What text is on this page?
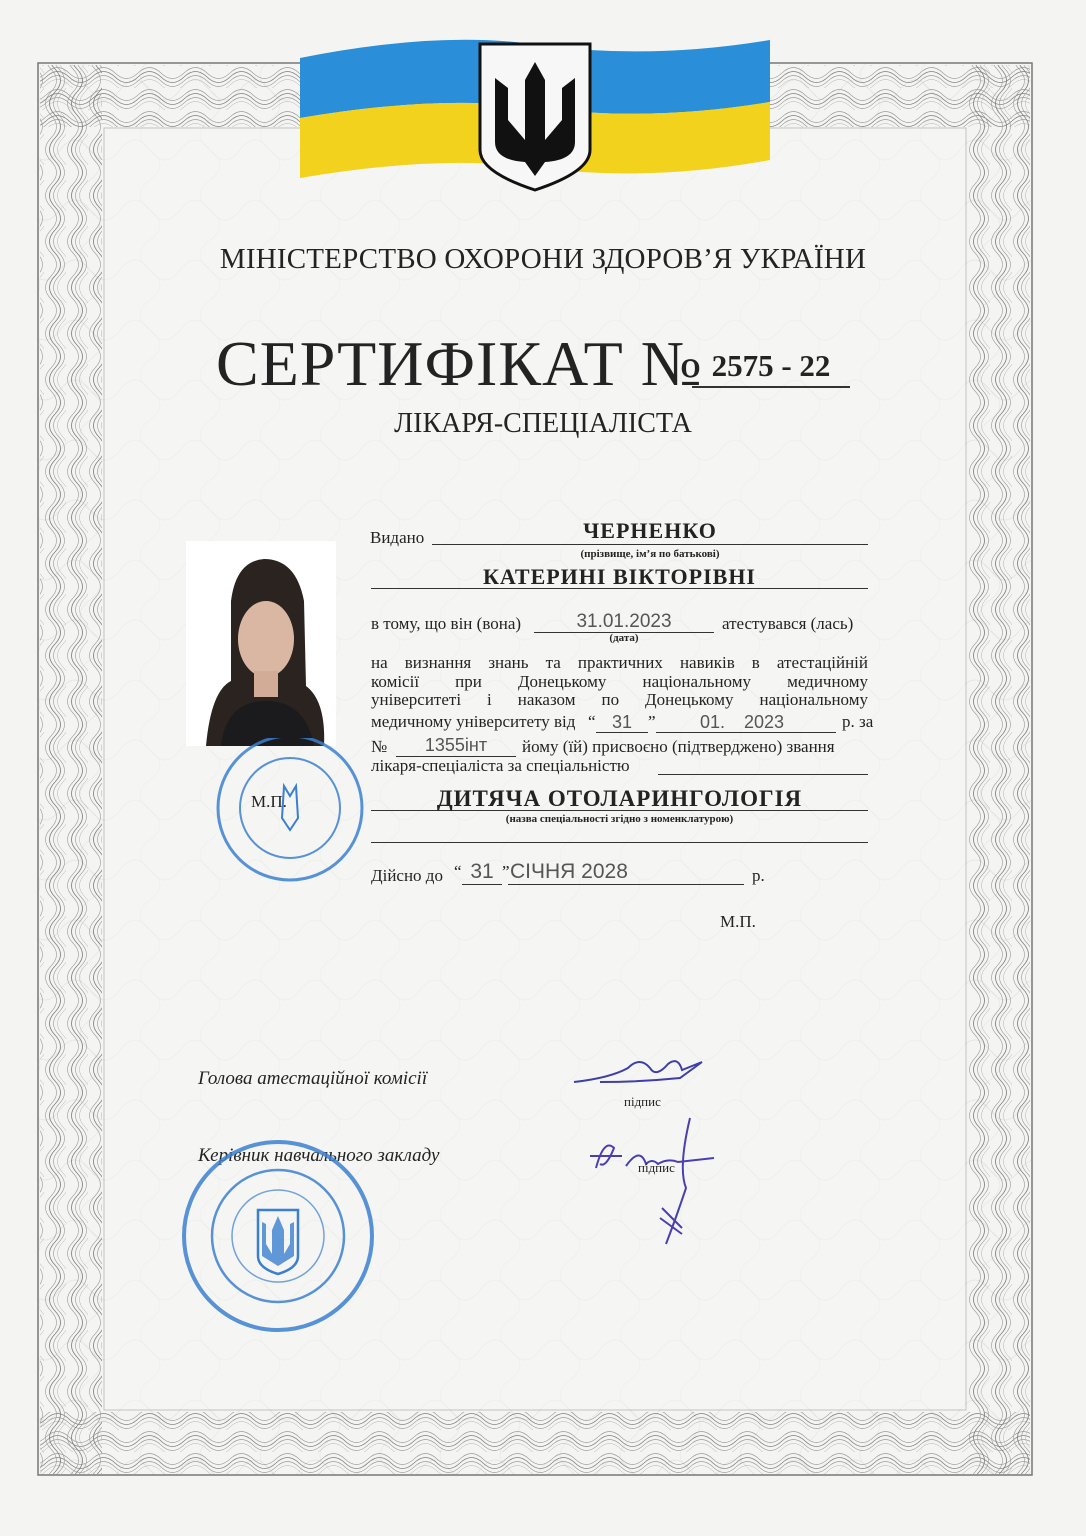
МІНІСТЕРСТВО ОХОРОНИ ЗДОРОВ’Я УКРАЇНИ
СЕРТИФІКАТ № 2575 - 22
ЛІКАРЯ-СПЕЦІАЛІСТА
Видано	ЧЕРНЕНКО
(прізвище, ім’я по батькові)
КАТЕРИНІ ВІКТОРІВНІ
в тому, що він (вона)	31.01.2023
(дата)
атестувався (лась)
на визнання знань та практичних навиків в атестаційній
комісії при Донецькому національному медичному
університеті і наказом по Донецькому національному
медичному університету від “ 31 ” 01. 2023	р. за
№	1355інт	йому (їй) присвоєно (підтверджено) звання
лікаря-спеціаліста за спеціальністю
ДИТЯЧА ОТОЛАРИНГОЛОГІЯ
(назва спеціальності згідно з номенклатурою)
Дійсно до “ 31 ” СІЧНЯ 2028	р.
М.П.
М.П.
Голова атестаційної комісії
підпис
Керівник навчального закладу
підпис
